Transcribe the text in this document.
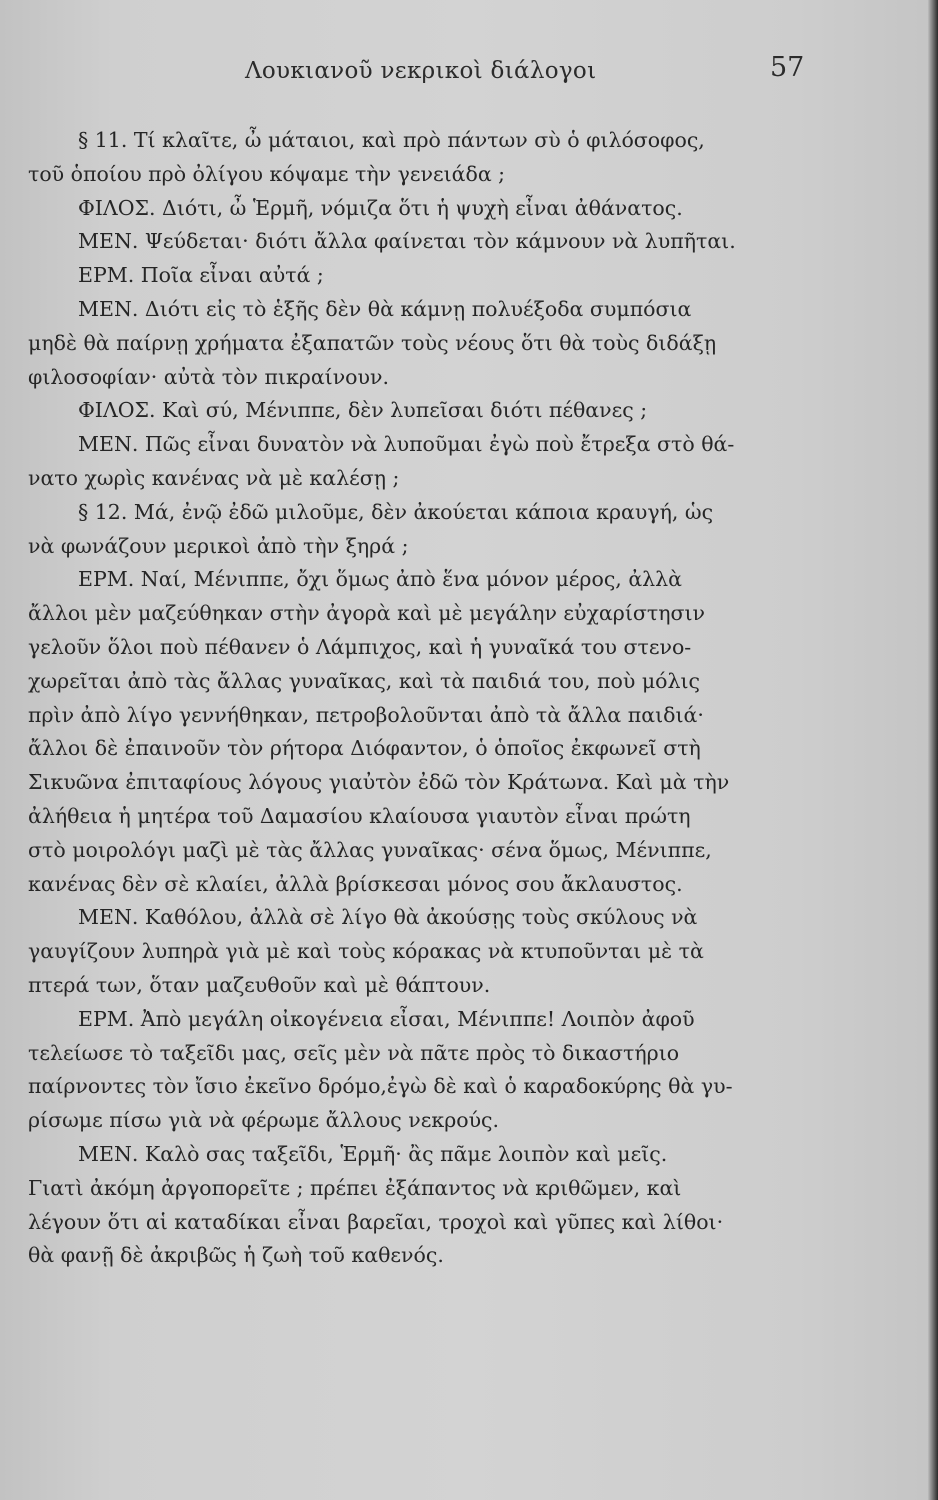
Λουκιανοῦ νεκρικοὶ διάλογοι	57
§ 11. Τί κλαῖτε, ὦ μάταιοι, καὶ πρὸ πάντων σὺ ὁ φιλόσοφος,
τοῦ ὁποίου πρὸ ὀλίγου κόψαμε τὴν γενειάδα ;
ΦΙΛΟΣ. Διότι, ὦ Ἑρμῆ, νόμιζα ὅτι ἡ ψυχὴ εἶναι ἀθάνατος.
ΜΕΝ. Ψεύδεται· διότι ἄλλα φαίνεται τὸν κάμνουν νὰ λυπῆται.
ΕΡΜ. Ποῖα εἶναι αὐτά ;
ΜΕΝ. Διότι εἰς τὸ ἑξῆς δὲν θὰ κάμνῃ πολυέξοδα συμπόσια
μηδὲ θὰ παίρνῃ χρήματα ἐξαπατῶν τοὺς νέους ὅτι θὰ τοὺς διδάξῃ
φιλοσοφίαν· αὐτὰ τὸν πικραίνουν.
ΦΙΛΟΣ. Καὶ σύ, Μένιππε, δὲν λυπεῖσαι διότι πέθανες ;
ΜΕΝ. Πῶς εἶναι δυνατὸν νὰ λυποῦμαι ἐγὼ ποὺ ἔτρεξα στὸ θά-
νατο χωρὶς κανένας νὰ μὲ καλέσῃ ;
§ 12. Μά, ἐνῷ ἐδῶ μιλοῦμε, δὲν ἀκούεται κάποια κραυγή, ὡς
νὰ φωνάζουν μερικοὶ ἀπὸ τὴν ξηρά ;
ΕΡΜ. Ναί, Μένιππε, ὄχι ὅμως ἀπὸ ἕνα μόνον μέρος, ἀλλὰ
ἄλλοι μὲν μαζεύθηκαν στὴν ἀγορὰ καὶ μὲ μεγάλην εὐχαρίστησιν
γελοῦν ὅλοι ποὺ πέθανεν ὁ Λάμπιχος, καὶ ἡ γυναῖκά του στενο-
χωρεῖται ἀπὸ τὰς ἄλλας γυναῖκας, καὶ τὰ παιδιά του, ποὺ μόλις
πρὶν ἀπὸ λίγο γεννήθηκαν, πετροβολοῦνται ἀπὸ τὰ ἄλλα παιδιά·
ἄλλοι δὲ ἐπαινοῦν τὸν ρήτορα Διόφαντον, ὁ ὁποῖος ἐκφωνεῖ στὴ
Σικυῶνα ἐπιταφίους λόγους γιαὐτὸν ἐδῶ τὸν Κράτωνα. Καὶ μὰ τὴν
ἀλήθεια ἡ μητέρα τοῦ Δαμασίου κλαίουσα γιαυτὸν εἶναι πρώτη
στὸ μοιρολόγι μαζὶ μὲ τὰς ἄλλας γυναῖκας· σένα ὅμως, Μένιππε,
κανένας δὲν σὲ κλαίει, ἀλλὰ βρίσκεσαι μόνος σου ἄκλαυστος.
ΜΕΝ. Καθόλου, ἀλλὰ σὲ λίγο θὰ ἀκούσῃς τοὺς σκύλους νὰ
γαυγίζουν λυπηρὰ γιὰ μὲ καὶ τοὺς κόρακας νὰ κτυποῦνται μὲ τὰ
πτερά των, ὅταν μαζευθοῦν καὶ μὲ θάπτουν.
ΕΡΜ. Ἀπὸ μεγάλη οἰκογένεια εἶσαι, Μένιππε! Λοιπὸν ἀφοῦ
τελείωσε τὸ ταξεῖδι μας, σεῖς μὲν νὰ πᾶτε πρὸς τὸ δικαστήριο
παίρνοντες τὸν ἴσιο ἐκεῖνο δρόμο,ἐγὼ δὲ καὶ ὁ καραδοκύρης θὰ γυ-
ρίσωμε πίσω γιὰ νὰ φέρωμε ἄλλους νεκρούς.
ΜΕΝ. Καλὸ σας ταξεῖδι, Ἑρμῆ· ἂς πᾶμε λοιπὸν καὶ μεῖς.
Γιατὶ ἀκόμη ἀργοπορεῖτε ; πρέπει ἐξάπαντος νὰ κριθῶμεν, καὶ
λέγουν ὅτι αἱ καταδίκαι εἶναι βαρεῖαι, τροχοὶ καὶ γῦπες καὶ λίθοι·
θὰ φανῇ δὲ ἀκριβῶς ἡ ζωὴ τοῦ καθενός.
